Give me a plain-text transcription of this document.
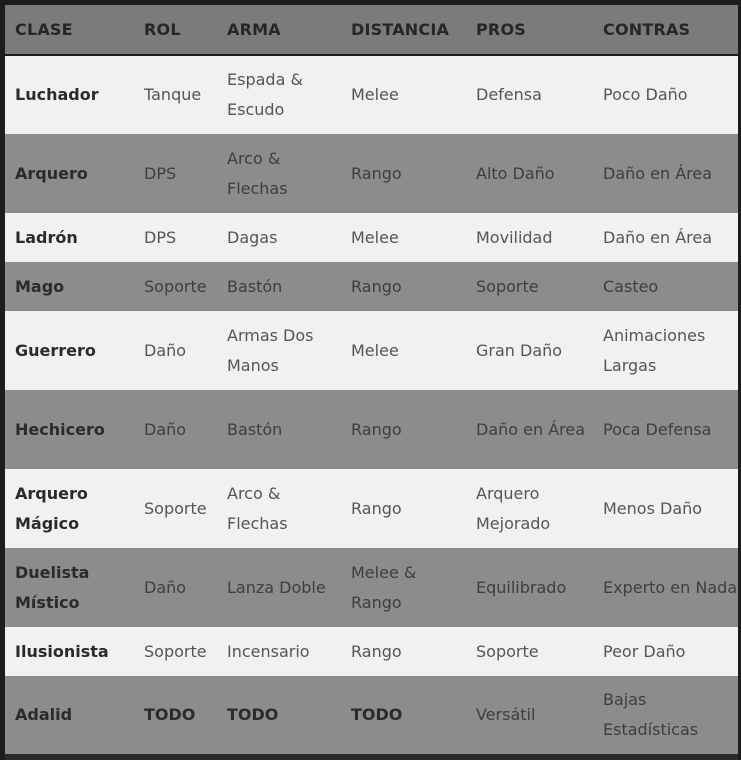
CLASE	ROL	ARMA	DISTANCIA	PROS	CONTRAS
Luchador	Tanque	Espada & Escudo	Melee	Defensa	Poco Daño
Arquero	DPS	Arco & Flechas	Rango	Alto Daño	Daño en Área
Ladrón	DPS	Dagas	Melee	Movilidad	Daño en Área
Mago	Soporte	Bastón	Rango	Soporte	Casteo
Guerrero	Daño	Armas Dos Manos	Melee	Gran Daño	Animaciones Largas
Hechicero	Daño	Bastón	Rango	Daño en Área	Poca Defensa
Arquero Mágico	Soporte	Arco & Flechas	Rango	Arquero Mejorado	Menos Daño
Duelista Místico	Daño	Lanza Doble	Melee & Rango	Equilibrado	Experto en Nada
Ilusionista	Soporte	Incensario	Rango	Soporte	Peor Daño
Adalid	TODO	TODO	TODO	Versátil	Bajas Estadísticas
